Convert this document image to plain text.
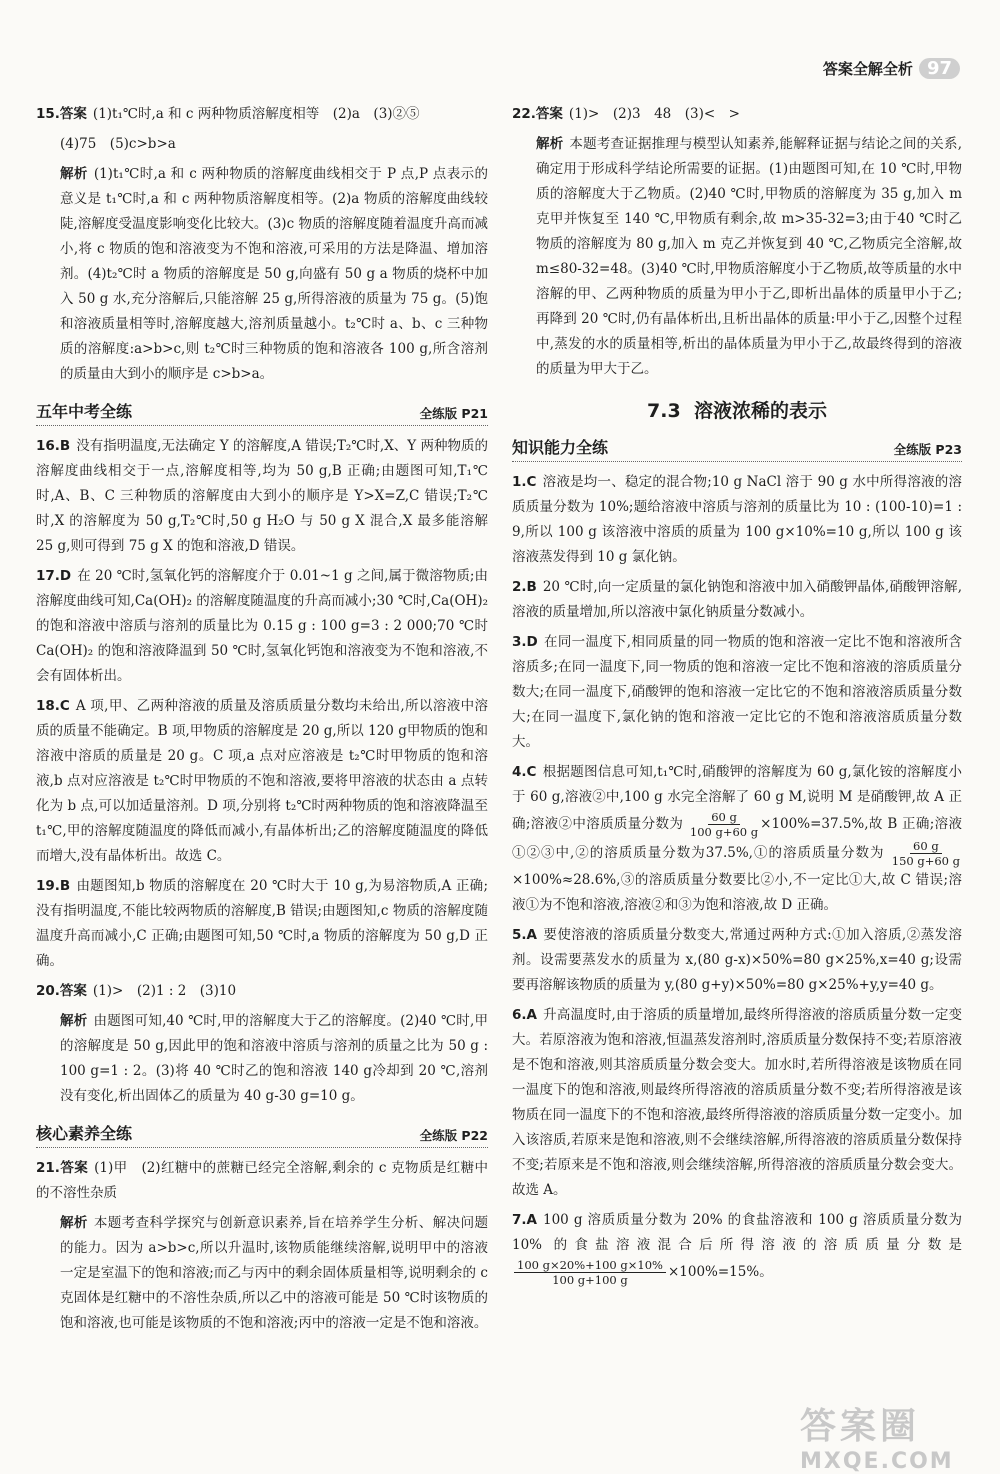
答案全解全析 97
15.答案 (1)t₁℃时,a 和 c 两种物质溶解度相等　(2)a　(3)②⑤
(4)75　(5)c>b>a
解析 (1)t₁℃时,a 和 c 两种物质的溶解度曲线相交于 P 点,P 点表示的意义是 t₁℃时,a 和 c 两种物质溶解度相等。(2)a 物质的溶解度曲线较陡,溶解度受温度影响变化比较大。(3)c 物质的溶解度随着温度升高而减小,将 c 物质的饱和溶液变为不饱和溶液,可采用的方法是降温、增加溶剂。(4)t₂℃时 a 物质的溶解度是 50 g,向盛有 50 g a 物质的烧杯中加入 50 g 水,充分溶解后,只能溶解 25 g,所得溶液的质量为 75 g。(5)饱和溶液质量相等时,溶解度越大,溶剂质量越小。t₂℃时 a、b、c 三种物质的溶解度:a>b>c,则 t₂℃时三种物质的饱和溶液各 100 g,所含溶剂的质量由大到小的顺序是 c>b>a。
五年中考全练	全练版 P21
16.B 没有指明温度,无法确定 Y 的溶解度,A 错误;T₂℃时,X、Y 两种物质的溶解度曲线相交于一点,溶解度相等,均为 50 g,B 正确;由题图可知,T₁℃时,A、B、C 三种物质的溶解度由大到小的顺序是 Y>X=Z,C 错误;T₂℃时,X 的溶解度为 50 g,T₂℃时,50 g H₂O 与 50 g X 混合,X 最多能溶解 25 g,则可得到 75 g X 的饱和溶液,D 错误。
17.D 在 20 ℃时,氢氧化钙的溶解度介于 0.01~1 g 之间,属于微溶物质;由溶解度曲线可知,Ca(OH)₂ 的溶解度随温度的升高而减小;30 ℃时,Ca(OH)₂ 的饱和溶液中溶质与溶剂的质量比为 0.15 g : 100 g=3 : 2 000;70 ℃时 Ca(OH)₂ 的饱和溶液降温到 50 ℃时,氢氧化钙饱和溶液变为不饱和溶液,不会有固体析出。
18.C A 项,甲、乙两种溶液的质量及溶质质量分数均未给出,所以溶液中溶质的质量不能确定。B 项,甲物质的溶解度是 20 g,所以 120 g甲物质的饱和溶液中溶质的质量是 20 g。C 项,a 点对应溶液是 t₂℃时甲物质的饱和溶液,b 点对应溶液是 t₂℃时甲物质的不饱和溶液,要将甲溶液的状态由 a 点转化为 b 点,可以加适量溶剂。D 项,分别将 t₂℃时两种物质的饱和溶液降温至 t₁℃,甲的溶解度随温度的降低而减小,有晶体析出;乙的溶解度随温度的降低而增大,没有晶体析出。故选 C。
19.B 由题图知,b 物质的溶解度在 20 ℃时大于 10 g,为易溶物质,A 正确;没有指明温度,不能比较两物质的溶解度,B 错误;由题图知,c 物质的溶解度随温度升高而减小,C 正确;由题图可知,50 ℃时,a 物质的溶解度为 50 g,D 正确。
20.答案 (1)>　(2)1 : 2　(3)10
解析 由题图可知,40 ℃时,甲的溶解度大于乙的溶解度。(2)40 ℃时,甲的溶解度是 50 g,因此甲的饱和溶液中溶质与溶剂的质量之比为 50 g : 100 g=1 : 2。(3)将 40 ℃时乙的饱和溶液 140 g冷却到 20 ℃,溶剂没有变化,析出固体乙的质量为 40 g-30 g=10 g。
核心素养全练	全练版 P22
21.答案 (1)甲　(2)红糖中的蔗糖已经完全溶解,剩余的 c 克物质是红糖中的不溶性杂质
解析 本题考查科学探究与创新意识素养,旨在培养学生分析、解决问题的能力。因为 a>b>c,所以升温时,该物质能继续溶解,说明甲中的溶液一定是室温下的饱和溶液;而乙与丙中的剩余固体质量相等,说明剩余的 c 克固体是红糖中的不溶性杂质,所以乙中的溶液可能是 50 ℃时该物质的饱和溶液,也可能是该物质的不饱和溶液;丙中的溶液一定是不饱和溶液。
22.答案 (1)>　(2)3　48　(3)<　>
解析 本题考查证据推理与模型认知素养,能解释证据与结论之间的关系,确定用于形成科学结论所需要的证据。(1)由题图可知,在 10 ℃时,甲物质的溶解度大于乙物质。(2)40 ℃时,甲物质的溶解度为 35 g,加入 m 克甲并恢复至 140 ℃,甲物质有剩余,故 m>35-32=3;由于40 ℃时乙物质的溶解度为 80 g,加入 m 克乙并恢复到 40 ℃,乙物质完全溶解,故 m≤80-32=48。(3)40 ℃时,甲物质溶解度小于乙物质,故等质量的水中溶解的甲、乙两种物质的质量为甲小于乙,即析出晶体的质量甲小于乙;再降到 20 ℃时,仍有晶体析出,且析出晶体的质量:甲小于乙,因整个过程中,蒸发的水的质量相等,析出的晶体质量为甲小于乙,故最终得到的溶液的质量为甲大于乙。
7.3 溶液浓稀的表示
知识能力全练	全练版 P23
1.C 溶液是均一、稳定的混合物;10 g NaCl 溶于 90 g 水中所得溶液的溶质质量分数为 10%;题给溶液中溶质与溶剂的质量比为 10 : (100-10)=1 : 9,所以 100 g 该溶液中溶质的质量为 100 g×10%=10 g,所以 100 g 该溶液蒸发得到 10 g 氯化钠。
2.B 20 ℃时,向一定质量的氯化钠饱和溶液中加入硝酸钾晶体,硝酸钾溶解,溶液的质量增加,所以溶液中氯化钠质量分数减小。
3.D 在同一温度下,相同质量的同一物质的饱和溶液一定比不饱和溶液所含溶质多;在同一温度下,同一物质的饱和溶液一定比不饱和溶液的溶质质量分数大;在同一温度下,硝酸钾的饱和溶液一定比它的不饱和溶液溶质质量分数大;在同一温度下,氯化钠的饱和溶液一定比它的不饱和溶液溶质质量分数大。
4.C 根据题图信息可知,t₁℃时,硝酸钾的溶解度为 60 g,氯化铵的溶解度小于 60 g,溶液②中,100 g 水完全溶解了 60 g M,说明 M 是硝酸钾,故 A 正确;溶液②中溶质质量分数为 $\frac{60 g}{100 g+60 g} \times 100\%=37.5\%$,故 B 正确;溶液①②③中,②的溶质质量分数为37.5%,①的溶质质量分数为 $\frac{60 g}{150 g+60 g}$
×100%≈28.6%,③的溶质质量分数要比②小,不一定比①大,故 C 错误;溶液①为不饱和溶液,溶液②和③为饱和溶液,故 D 正确。
5.A 要使溶液的溶质质量分数变大,常通过两种方式:①加入溶质,②蒸发溶剂。设需要蒸发水的质量为 x,(80 g-x)×50%=80 g×25%,x=40 g;设需要再溶解该物质的质量为 y,(80 g+y)×50%=80 g×25%+y,y=40 g。
6.A 升高温度时,由于溶质的质量增加,最终所得溶液的溶质质量分数一定变大。若原溶液为饱和溶液,恒温蒸发溶剂时,溶质质量分数保持不变;若原溶液是不饱和溶液,则其溶质质量分数会变大。加水时,若所得溶液是该物质在同一温度下的饱和溶液,则最终所得溶液的溶质质量分数不变;若所得溶液是该物质在同一温度下的不饱和溶液,最终所得溶液的溶质质量分数一定变小。加入该溶质,若原来是饱和溶液,则不会继续溶解,所得溶液的溶质质量分数保持不变;若原来是不饱和溶液,则会继续溶解,所得溶液的溶质质量分数会变大。故选 A。
7.A 100 g 溶质质量分数为 20% 的食盐溶液和 100 g 溶质质量分数为 10% 的食盐溶液混合后所得溶液的溶质质量分数是
$\frac{100 g\times 20\%+100 g\times 10\%}{100 g+100 g} \times 100\%=15\%$。
答案圈
MXQE.COM
